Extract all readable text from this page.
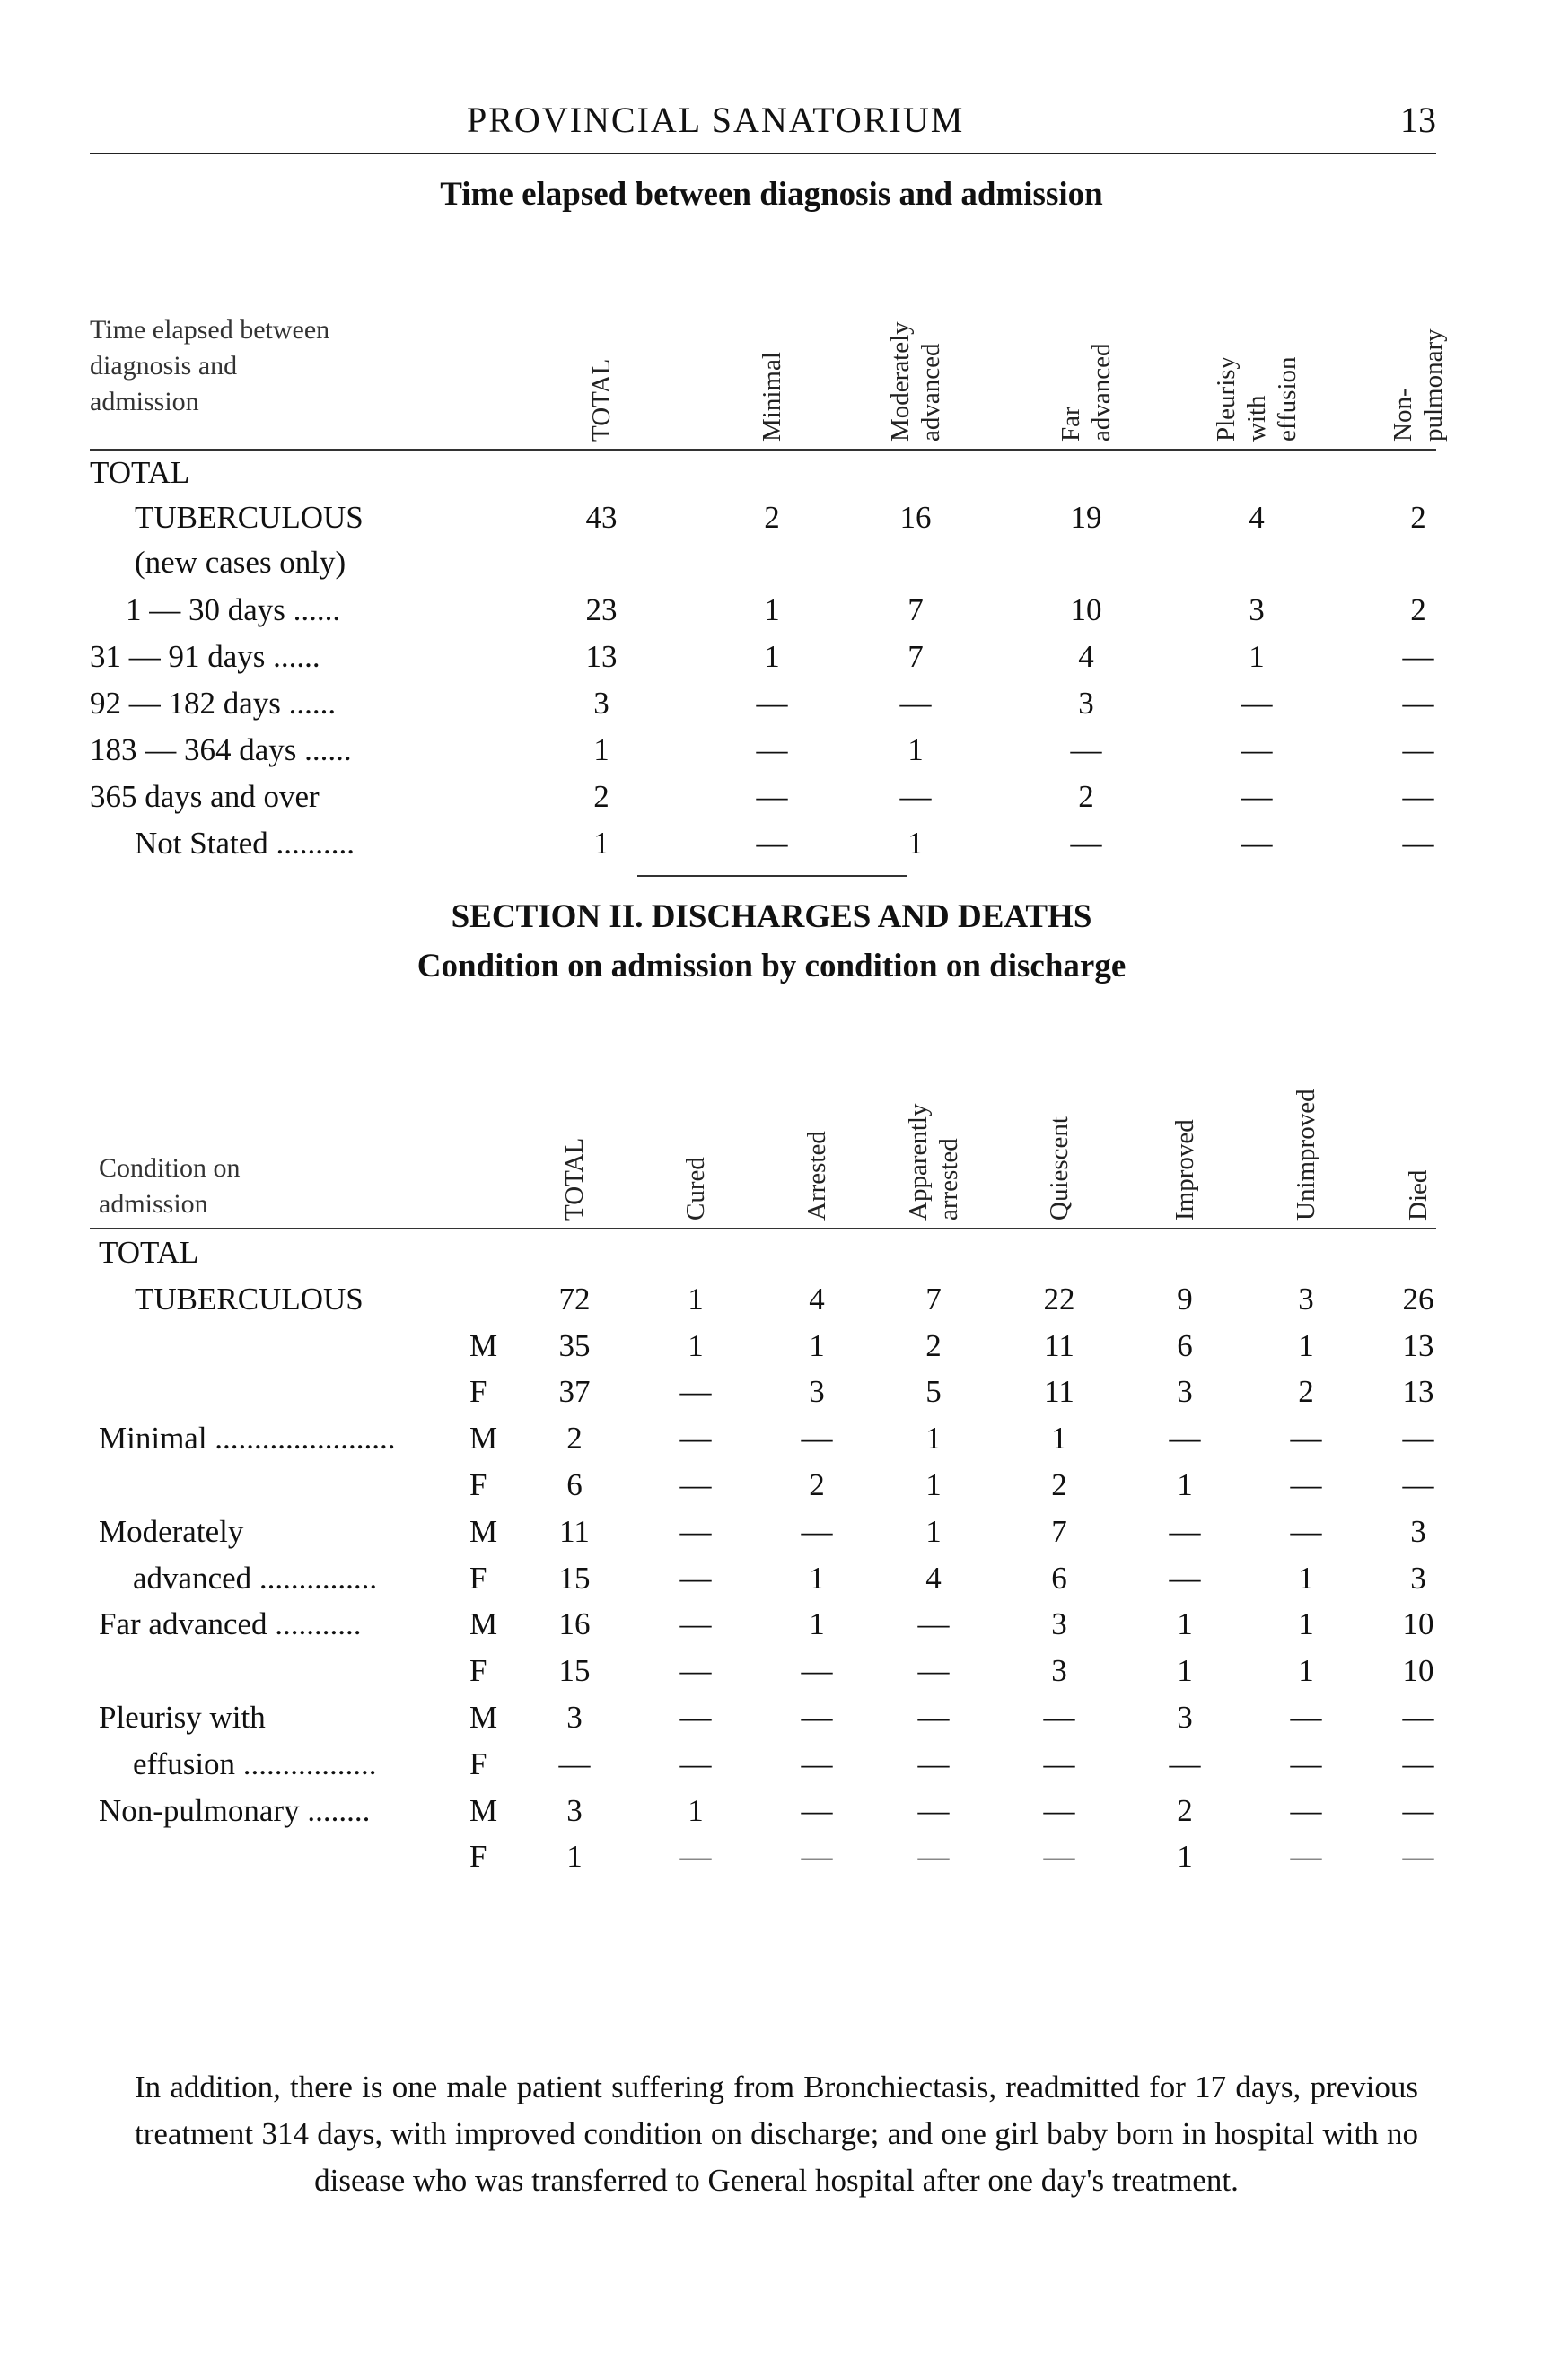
PROVINCIAL SANATORIUM	13
Time elapsed between diagnosis and admission
Time elapsed between
diagnosis and
admission	TOTAL	Minimal	Moderately
advanced	Far
advanced	Pleurisy
with
effusion	Non-
pulmonary
TOTAL
TUBERCULOUS
(new cases only)
43	2	16	19	4	2
1 — 30 days ......	23	1	7	10	3	2
31 — 91 days ......	13	1	7	4	1	—
92 — 182 days ......	3	—	—	3	—	—
183 — 364 days ......	1	—	1	—	—	—
365 days and over	2	—	—	2	—	—
Not Stated ..........	1	—	1	—	—	—
SECTION II. DISCHARGES AND DEATHS
Condition on admission by condition on discharge
Condition on
admission	TOTAL	Cured	Arrested	Apparently
arrested	Quiescent	Improved	Unimproved	Died
TOTAL
TUBERCULOUS	72	1	4	7	22	9	3	26
M	35	1	1	2	11	6	1	13
F	37	—	3	5	11	3	2	13
Minimal ....................... M	2	—	—	1	1	—	—	—
F	6	—	2	1	2	1	—	—
Moderately	M	11	—	—	1	7	—	—	3
advanced ...............	F	15	—	1	4	6	—	1	3
Far advanced ...........	M	16	—	1	—	3	1	1	10
F	15	—	—	—	3	1	1	10
Pleurisy with	M	3	—	—	—	—	3	—	—
effusion .................	F	—	—	—	—	—	—	—	—
Non-pulmonary ........	M	3	1	—	—	—	2	—	—
F	1	—	—	—	—	1	—	—
In addition, there is one male patient suffering from Bronchiectasis, readmitted for 17 days, previous treatment 314 days, with improved condition on discharge; and one girl baby born in hospital with no disease who was transferred to General hospital after one day's treatment.
